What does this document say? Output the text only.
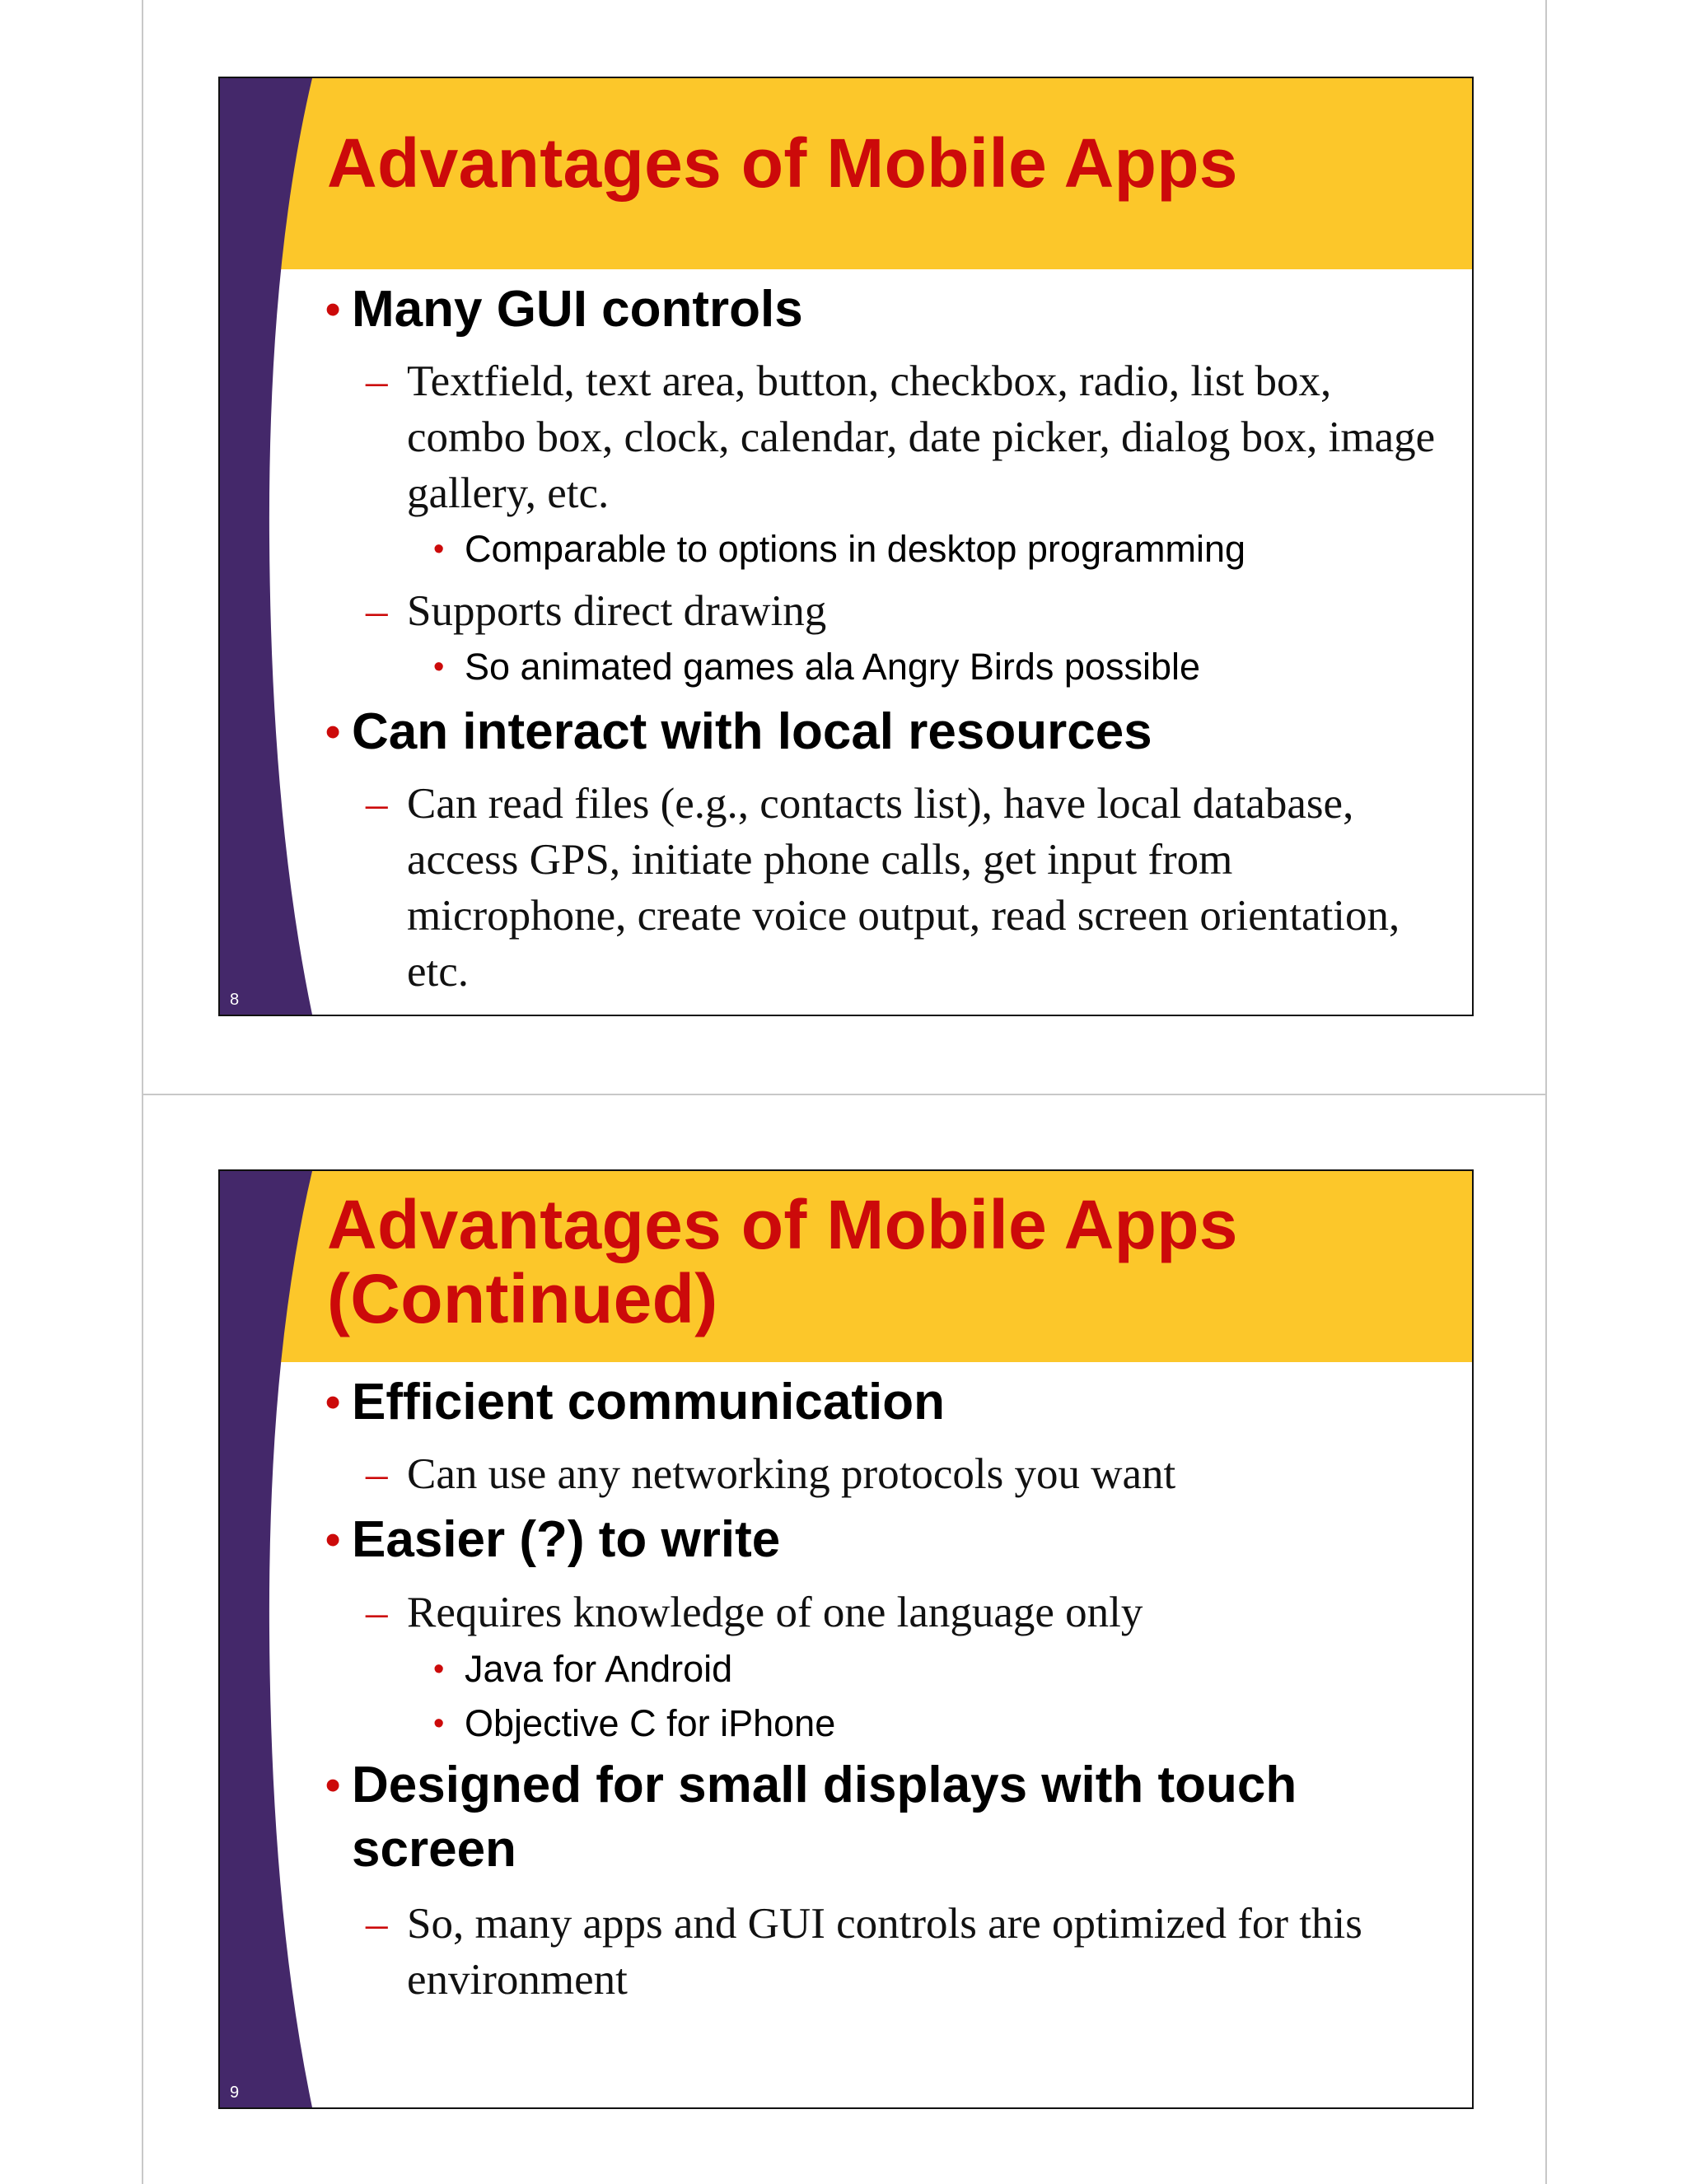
Advantages of Mobile Apps
• Many GUI controls
– Textfield, text area, button, checkbox, radio, list box, combo box, clock, calendar, date picker, dialog box, image gallery, etc.
• Comparable to options in desktop programming
– Supports direct drawing
• So animated games ala Angry Birds possible
• Can interact with local resources
– Can read files (e.g., contacts list), have local database, access GPS, initiate phone calls, get input from microphone, create voice output, read screen orientation, etc.
8
Advantages of Mobile Apps (Continued)
• Efficient communication
– Can use any networking protocols you want
• Easier (?) to write
– Requires knowledge of one language only
• Java for Android
• Objective C for iPhone
• Designed for small displays with touch screen
– So, many apps and GUI controls are optimized for this environment
9
